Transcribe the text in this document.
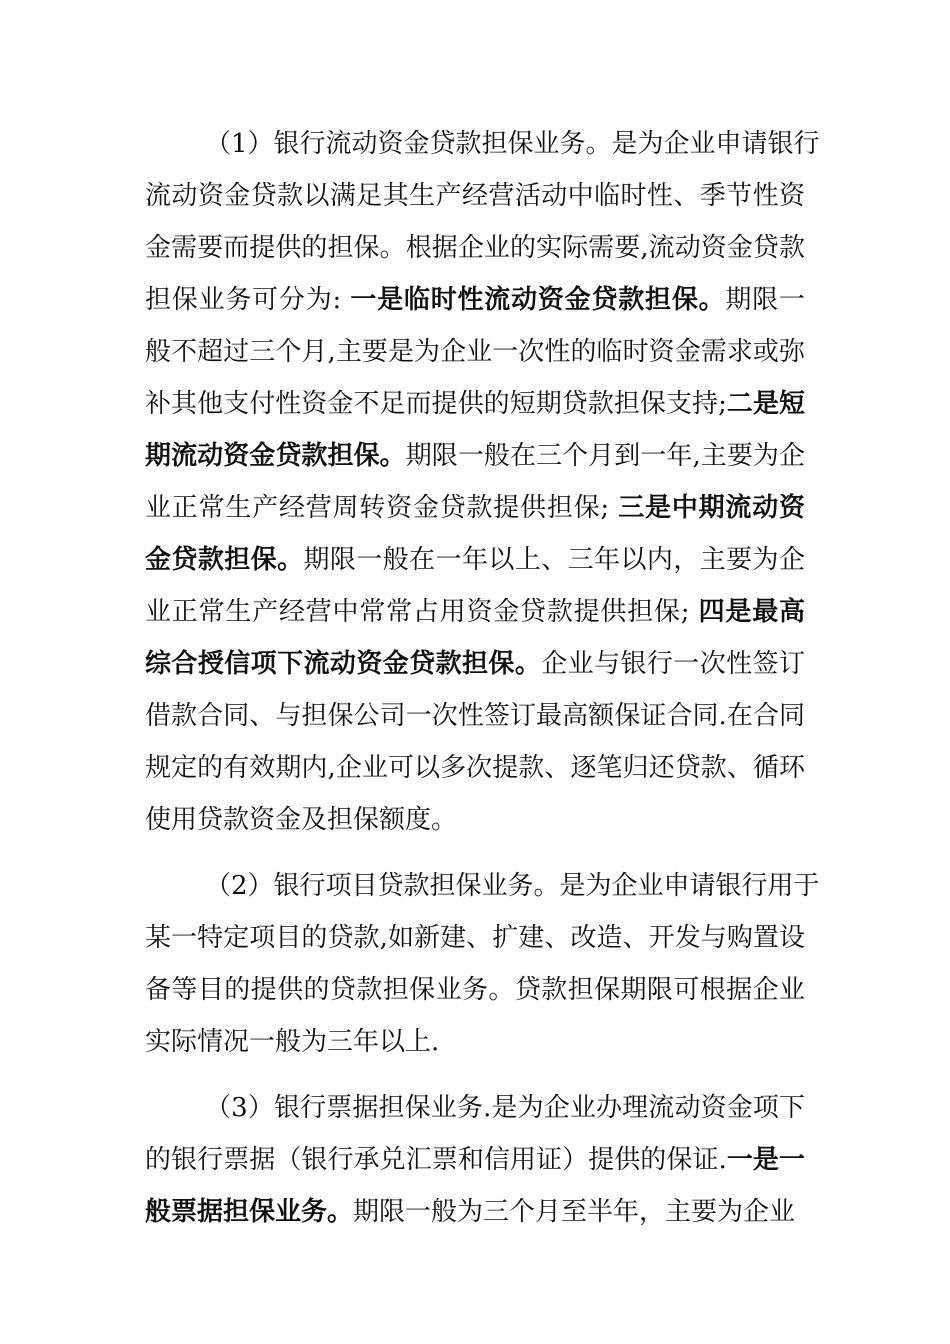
（1）银行流动资金贷款担保业务。是为企业申请银行
流动资金贷款以满足其生产经营活动中临时性、季节性资
金需要而提供的担保。根据企业的实际需要,流动资金贷款
担保业务可分为: 一是临时性流动资金贷款担保。期限一
般不超过三个月,主要是为企业一次性的临时资金需求或弥
补其他支付性资金不足而提供的短期贷款担保支持;二是短
期流动资金贷款担保。期限一般在三个月到一年,主要为企
业正常生产经营周转资金贷款提供担保; 三是中期流动资
金贷款担保。期限一般在一年以上、三年以内，主要为企
业正常生产经营中常常占用资金贷款提供担保; 四是最高
综合授信项下流动资金贷款担保。企业与银行一次性签订
借款合同、与担保公司一次性签订最高额保证合同.在合同
规定的有效期内,企业可以多次提款、逐笔归还贷款、循环
使用贷款资金及担保额度。
（2）银行项目贷款担保业务。是为企业申请银行用于
某一特定项目的贷款,如新建、扩建、改造、开发与购置设
备等目的提供的贷款担保业务。贷款担保期限可根据企业
实际情况一般为三年以上.
（3）银行票据担保业务.是为企业办理流动资金项下
的银行票据（银行承兑汇票和信用证）提供的保证.一是一
般票据担保业务。期限一般为三个月至半年，主要为企业
